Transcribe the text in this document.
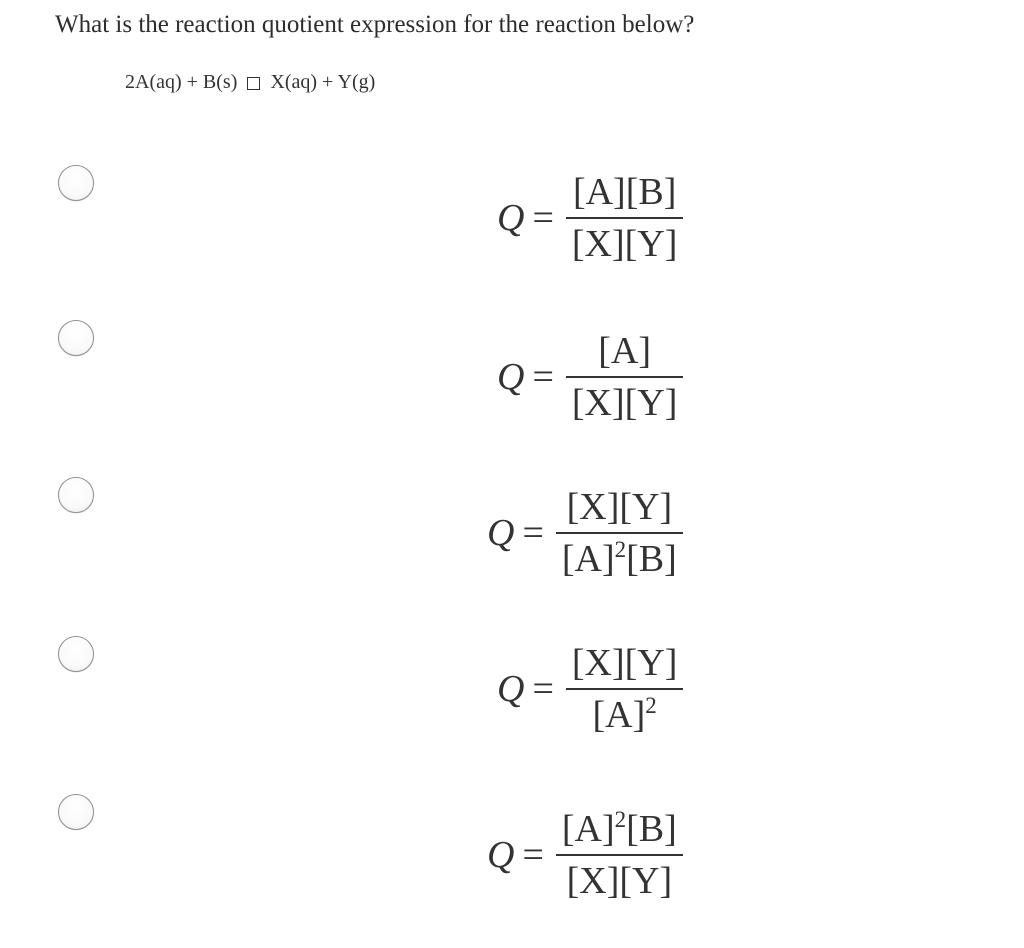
What is the reaction quotient expression for the reaction below?
2A(aq) + B(s) X(aq) + Y(g)
$Q = \frac{[A][B]}{[X][Y]}$
$Q = \frac{[A]}{[X][Y]}$
$Q = \frac{[X][Y]}{[A]^2[B]}$
$Q = \frac{[X][Y]}{[A]^2}$
$Q = \frac{[A]^2[B]}{[X][Y]}$
